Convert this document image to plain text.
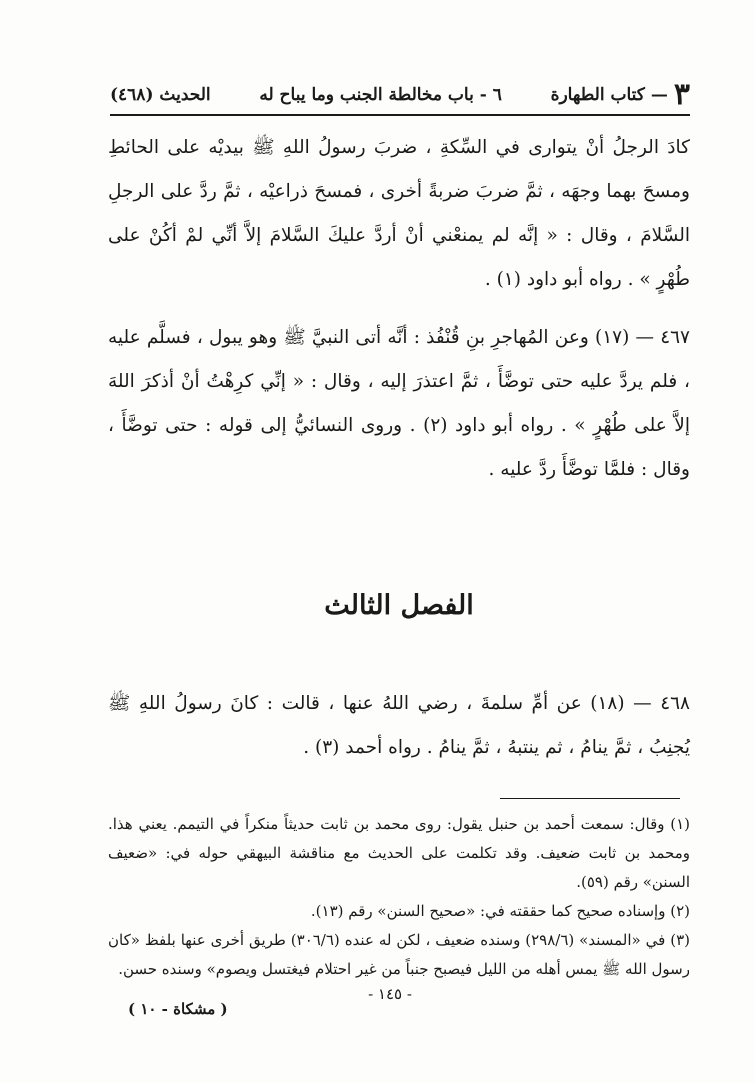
٣
—
كتاب الطهارة
٦ - باب مخالطة الجنب وما يباح له
الحديث (٤٦٨)

كادَ الرجلُ أنْ يتوارى في السِّكةِ ، ضربَ رسولُ اللهِ ﷺ بيديْه على الحائطِ ومسحَ بهما وجهَه ، ثمَّ ضربَ ضربةً أخرى ، فمسحَ ذراعيْه ، ثمَّ ردَّ على الرجلِ السَّلامَ ، وقال : « إنَّه لم يمنعْني أنْ أردَّ عليكَ السَّلامَ إلاَّ أنِّي لمْ أكُنْ على طُهْرٍ » . رواه أبو داود (١) .

٤٦٧ — (١٧) وعن المُهاجرِ بنِ قُنْفُذ : أنَّه أتى النبيَّ ﷺ وهو يبول ، فسلَّم عليه ، فلم يردَّ عليه حتى توضَّأَ ، ثمَّ اعتذرَ إليه ، وقال : « إنِّي كرِهْتُ أنْ أذكرَ اللهَ إلاَّ على طُهْرٍ » . رواه أبو داود (٢) . وروى النسائيُّ إلى قوله : حتى توضَّأَ ، وقال : فلمَّا توضَّأَ ردَّ عليه .

الفصل الثالث

٤٦٨ — (١٨) عن أمِّ سلمةَ ، رضي اللهُ عنها ، قالت : كانَ رسولُ اللهِ ﷺ يُجنِبُ ، ثمَّ ينامُ ، ثم ينتبهُ ، ثمَّ ينامُ . رواه أحمد (٣) .

(١) وقال: سمعت أحمد بن حنبل يقول: روى محمد بن ثابت حديثاً منكراً في التيمم. يعني هذا. ومحمد بن ثابت ضعيف. وقد تكلمت على الحديث مع مناقشة البيهقي حوله في: «ضعيف السنن» رقم (٥٩).

(٢) وإسناده صحيح كما حققته في: «صحيح السنن» رقم (١٣).

(٣) في «المسند» (٢٩٨/٦) وسنده ضعيف ، لكن له عنده (٣٠٦/٦) طريق أخرى عنها بلفظ «كان رسول الله ﷺ يمس أهله من الليل فيصبح جنباً من غير احتلام فيغتسل ويصوم» وسنده حسن.

- ١٤٥ -
( مشكاة - ١٠ )
